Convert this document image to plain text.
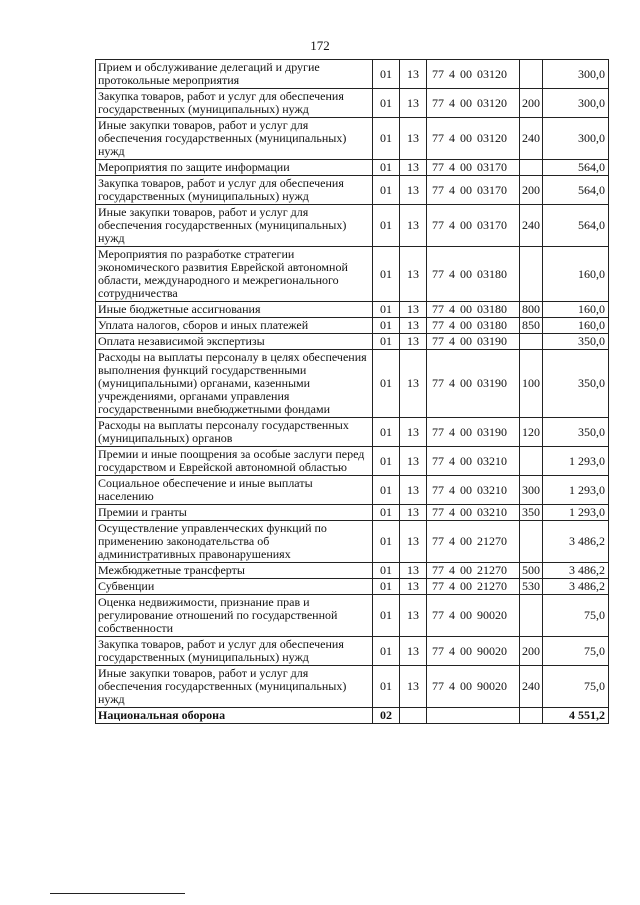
172
Прием и обслуживание делегаций и другие протокольные мероприятия	01	13	77 4 00 03120		300,0
Закупка товаров, работ и услуг для обеспечения государственных (муниципальных) нужд	01	13	77 4 00 03120	200	300,0
Иные закупки товаров, работ и услуг для обеспечения государственных (муниципальных) нужд	01	13	77 4 00 03120	240	300,0
Мероприятия по защите информации	01	13	77 4 00 03170		564,0
Закупка товаров, работ и услуг для обеспечения государственных (муниципальных) нужд	01	13	77 4 00 03170	200	564,0
Иные закупки товаров, работ и услуг для обеспечения государственных (муниципальных) нужд	01	13	77 4 00 03170	240	564,0
Мероприятия по разработке стратегии экономического развития Еврейской автономной области, международного и межрегионального сотрудничества	01	13	77 4 00 03180		160,0
Иные бюджетные ассигнования	01	13	77 4 00 03180	800	160,0
Уплата налогов, сборов и иных платежей	01	13	77 4 00 03180	850	160,0
Оплата независимой экспертизы	01	13	77 4 00 03190		350,0
Расходы на выплаты персоналу в целях обеспечения выполнения функций государственными (муниципальными) органами, казенными учреждениями, органами управления государственными внебюджетными фондами	01	13	77 4 00 03190	100	350,0
Расходы на выплаты персоналу государственных (муниципальных) органов	01	13	77 4 00 03190	120	350,0
Премии и иные поощрения за особые заслуги перед государством и Еврейской автономной областью	01	13	77 4 00 03210		1 293,0
Социальное обеспечение и иные выплаты населению	01	13	77 4 00 03210	300	1 293,0
Премии и гранты	01	13	77 4 00 03210	350	1 293,0
Осуществление управленческих функций по применению законодательства об административных правонарушениях	01	13	77 4 00 21270		3 486,2
Межбюджетные трансферты	01	13	77 4 00 21270	500	3 486,2
Субвенции	01	13	77 4 00 21270	530	3 486,2
Оценка недвижимости, признание прав и регулирование отношений по государственной собственности	01	13	77 4 00 90020		75,0
Закупка товаров, работ и услуг для обеспечения государственных (муниципальных) нужд	01	13	77 4 00 90020	200	75,0
Иные закупки товаров, работ и услуг для обеспечения государственных (муниципальных) нужд	01	13	77 4 00 90020	240	75,0
Национальная оборона	02				4 551,2
